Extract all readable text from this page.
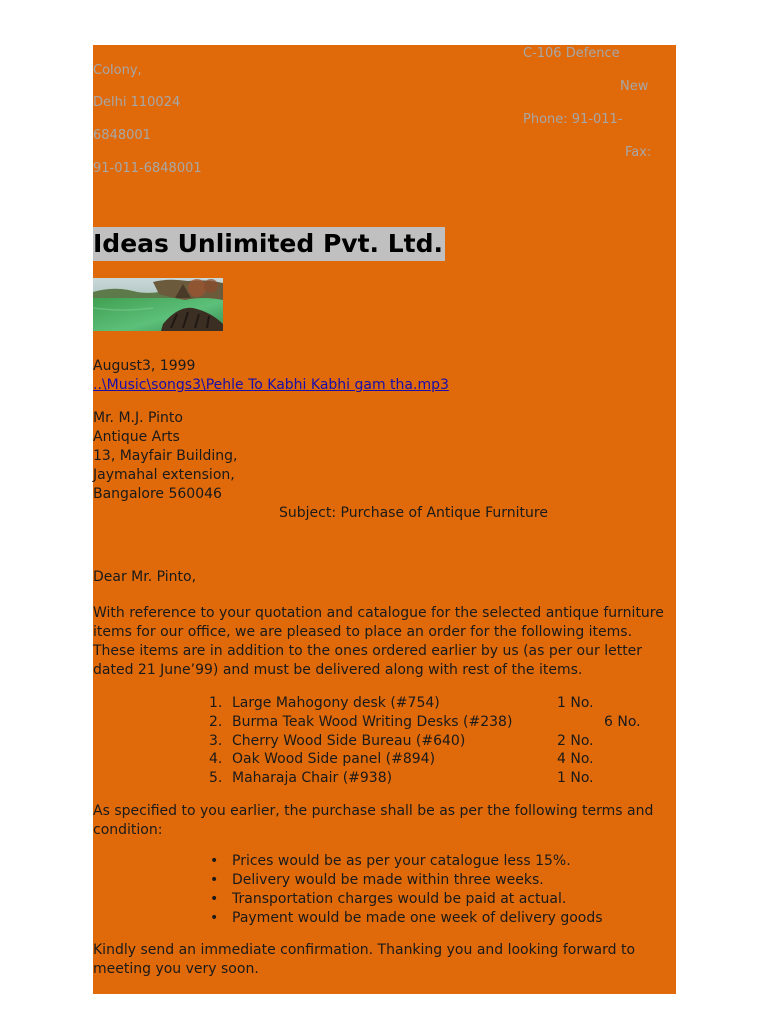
C-106 Defence
Colony,
New
Delhi 110024
Phone: 91-011-
6848001
Fax:
91-011-6848001
Ideas Unlimited Pvt. Ltd.
August3, 1999
..\Music\songs3\Pehle To Kabhi Kabhi gam tha.mp3
Mr. M.J. Pinto
Antique Arts
13, Mayfair Building,
Jaymahal extension,
Bangalore 560046
Subject: Purchase of Antique Furniture
Dear Mr. Pinto,
With reference to your quotation and catalogue for the selected antique furniture items for our office, we are pleased to place an order for the following items. These items are in addition to the ones ordered earlier by us (as per our letter dated 21 June’99) and must be delivered along with rest of the items.
1. Large Mahogony desk (#754)	1 No.
2. Burma Teak Wood Writing Desks (#238)	6 No.
3. Cherry Wood Side Bureau (#640)	2 No.
4. Oak Wood Side panel (#894)	4 No.
5. Maharaja Chair (#938)	1 No.
As specified to you earlier, the purchase shall be as per the following terms and condition:
• Prices would be as per your catalogue less 15%.
• Delivery would be made within three weeks.
• Transportation charges would be paid at actual.
• Payment would be made one week of delivery goods
Kindly send an immediate confirmation. Thanking you and looking forward to meeting you very soon.
